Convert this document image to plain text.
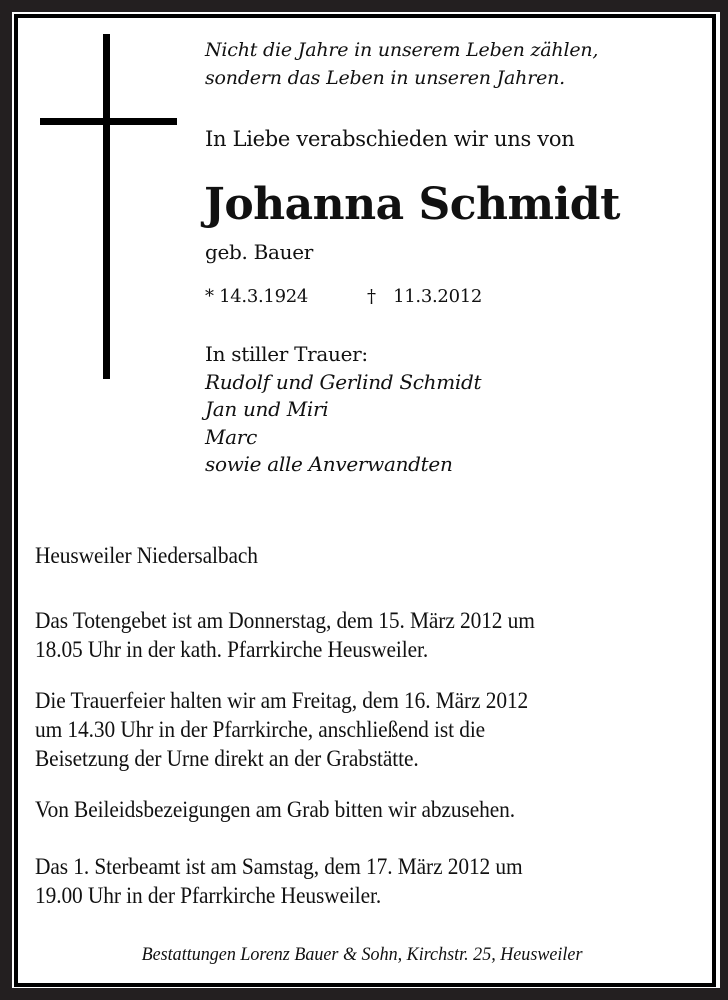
Nicht die Jahre in unserem Leben zählen,
sondern das Leben in unseren Jahren.
In Liebe verabschieden wir uns von
Johanna Schmidt
geb. Bauer
* 14.3.1924	† 11.3.2012
In stiller Trauer:
Rudolf und Gerlind Schmidt
Jan und Miri
Marc
sowie alle Anverwandten
Heusweiler Niedersalbach
Das Totengebet ist am Donnerstag, dem 15. März 2012 um
18.05 Uhr in der kath. Pfarrkirche Heusweiler.
Die Trauerfeier halten wir am Freitag, dem 16. März 2012
um 14.30 Uhr in der Pfarrkirche, anschließend ist die
Beisetzung der Urne direkt an der Grabstätte.
Von Beileidsbezeigungen am Grab bitten wir abzusehen.
Das 1. Sterbeamt ist am Samstag, dem 17. März 2012 um
19.00 Uhr in der Pfarrkirche Heusweiler.
Bestattungen Lorenz Bauer & Sohn, Kirchstr. 25, Heusweiler
